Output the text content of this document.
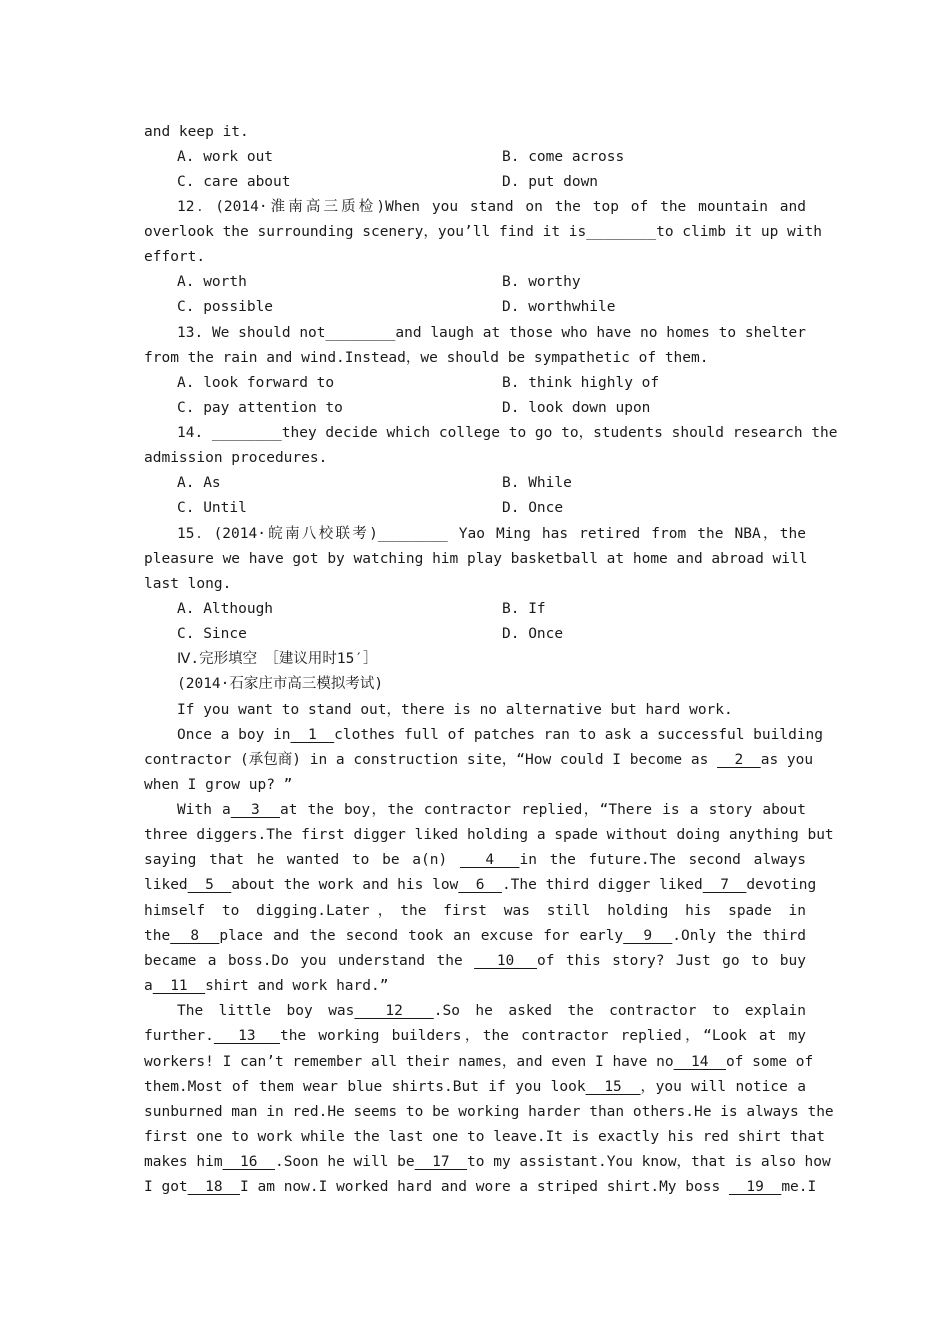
and keep it.
A. work out	B. come across
C. care about	D. put down
12．(2014·淮南高三质检)When you stand on the top of the mountain and
overlook the surrounding scenery，you’ll find it is________to climb it up with
effort.
A. worth	B. worthy
C. possible	D. worthwhile
13. We should not________and laugh at those who have no homes to shelter
from the rain and wind.Instead，we should be sympathetic of them.
A. look forward to	B. think highly of
C. pay attention to	D. look down upon
14. ________they decide which college to go to，students should research the
admission procedures.
A. As	B. While
C. Until	D. Once
15．(2014·皖南八校联考)________ Yao Ming has retired from the NBA，the
pleasure we have got by watching him play basketball at home and abroad will
last long.
A. Although	B. If
C. Since	D. Once
Ⅳ.完形填空　［建议用时15′］
(2014·石家庄市高三模拟考试)
If you want to stand out，there is no alternative but hard work.
Once a boy in  1  clothes full of patches ran to ask a successful building
contractor (承包商) in a construction site，“How could I become as   2  as you
when I grow up? ”
With a  3  at the boy，the contractor replied，“There is a story about
three diggers.The first digger liked holding a spade without doing anything but
saying that he wanted to be a(n)   4  in the future.The second always
liked  5  about the work and his low  6  .The third digger liked  7  devoting
himself to digging.Later，the first was still holding his spade in
the  8  place and the second took an excuse for early  9  .Only the third
became a boss.Do you understand the   10  of this story? Just go to buy
a  11  shirt and work hard.”
The little boy was  12  .So he asked the contractor to explain
further.  13  the working builders，the contractor replied，“Look at my
workers! I can’t remember all their names，and even I have no  14  of some of
them.Most of them wear blue shirts.But if you look  15  ，you will notice a
sunburned man in red.He seems to be working harder than others.He is always the
first one to work while the last one to leave.It is exactly his red shirt that
makes him  16  .Soon he will be  17  to my assistant.You know，that is also how
I got  18  I am now.I worked hard and wore a striped shirt.My boss   19  me.I
